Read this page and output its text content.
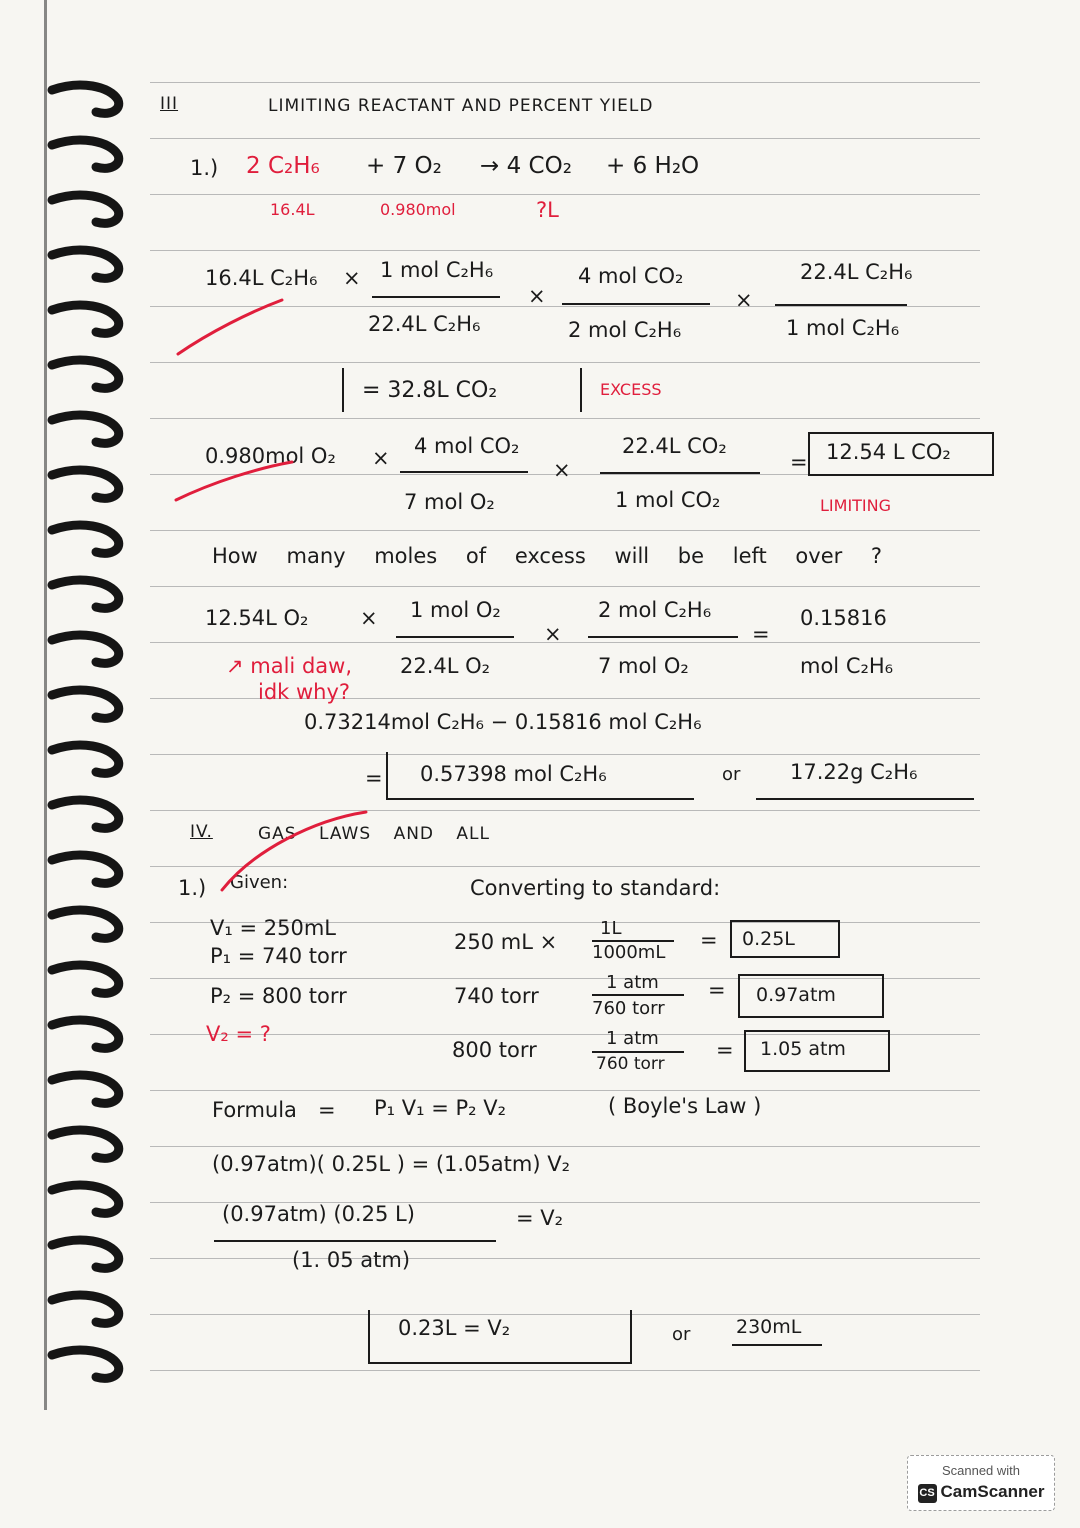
III	LIMITING REACTANT AND PERCENT YIELD
1.) 2 C₂H₆ + 7 O₂ → 4 CO₂ + 6 H₂O
16.4L	0.980mol	?L
16.4L C₂H₆ × 1 mol C₂H₆
22.4L C₂H₆
×
4 mol CO₂
2 mol C₂H₆
×
22.4L C₂H₆
1 mol C₂H₆
= 32.8L CO₂	EXCESS
0.980mol O₂ × 4 mol CO₂
7 mol O₂
×
22.4L CO₂
1 mol CO₂
= 12.54 L CO₂
LIMITING
How many moles of excess will be left over ?
12.54L O₂ × 1 mol O₂
22.4L O₂
×
2 mol C₂H₆
7 mol O₂
=
0.15816
mol C₂H₆
↗ mali daw,
idk why?
0.73214mol C₂H₆ − 0.15816 mol C₂H₆
= 0.57398 mol C₂H₆	or 17.22g C₂H₆
IV.	GAS LAWS AND ALL
1.) Given:	Converting to standard:
V₁ = 250mL
P₁ = 740 torr
P₂ = 800 torr
V₂ = ?
250 mL ×
1L
1000mL
= 0.25L
740 torr
1 atm
760 torr
= 0.97atm
800 torr	1 atm
760 torr
= 1.05 atm
Formula = P₁ V₁ = P₂ V₂	( Boyle's Law )
(0.97atm)( 0.25L ) = (1.05atm) V₂
(0.97atm) (0.25 L)	= V₂
(1. 05 atm)
0.23L = V₂	or 230mL
Scanned with
CS CamScanner
